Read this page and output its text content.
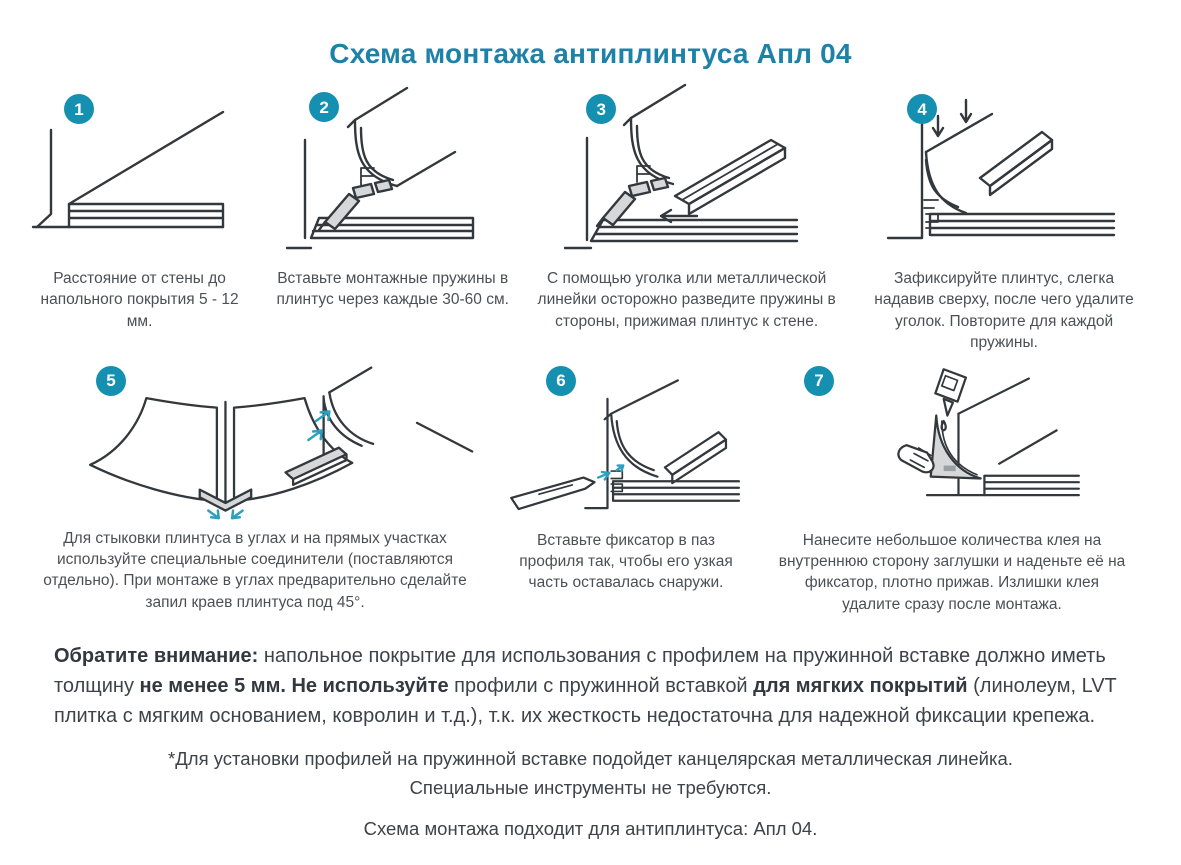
Схема монтажа антиплинтуса Апл 04
1

Расстояние от стены до напольного покрытия 5 - 12 мм.

2

Вставьте монтажные пружины в плинтус через каждые 30-60 см.

3

С помощью уголка или металлической линейки осторожно разведите пружины в стороны, прижимая плинтус к стене.

4

Зафиксируйте плинтус, слегка надавив сверху, после чего удалите уголок. Повторите для каждой пружины.

5

Для стыковки плинтуса в углах и на прямых участках используйте специальные соединители (поставляются отдельно). При монтаже в углах предварительно сделайте запил краев плинтуса под 45°.

6

Вставьте фиксатор в паз профиля так, чтобы его узкая часть оставалась снаружи.

7

Нанесите небольшое количества клея на внутреннюю сторону заглушки и наденьте её на фиксатор, плотно прижав. Излишки клея удалите сразу после монтажа.

Обратите внимание: напольное покрытие для использования с профилем на пружинной вставке должно иметь толщину не менее 5 мм. Не используйте профили с пружинной вставкой для мягких покрытий (линолеум, LVT плитка с мягким основанием, ковролин и т.д.), т.к. их жесткость недостаточна для надежной фиксации крепежа.

*Для установки профилей на пружинной вставке подойдет канцелярская металлическая линейка.
Специальные инструменты не требуются.

Схема монтажа подходит для антиплинтуса: Апл 04.
